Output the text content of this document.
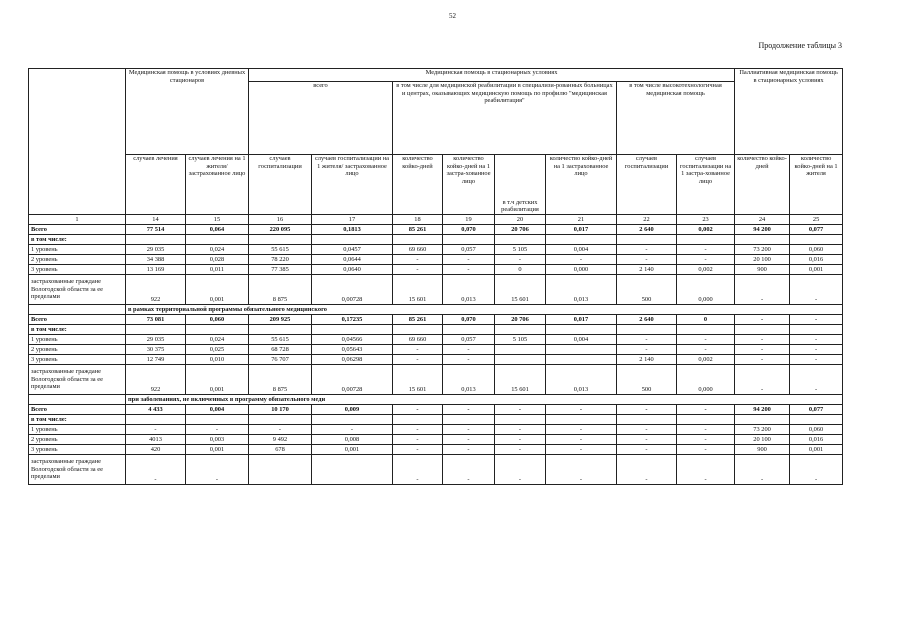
52
Продолжение таблицы 3
	Медицинская помощь в условиях дневных стационаров		Медицинская помощь в стационарных условиях								Паллиативная медицинская помощь в стационарных условиях	
			всего		в том числе для медицинской реабилитации в специализи-рованных больницах и центрах, оказывающих медицинскую помощь по профилю "медицинская реабилитация"				в том числе высокотехнологичная медицинская помощь			
	случаев лечения	случаев лечения на 1 жителя/ застрахованное лицо	случаев госпитализации	случаев госпитализации на 1 жителя/ застрахованное лицо	количество койко-дней	количество койко-дней на 1 застра-хованное лицо	в т.ч детских реабилитация	количество койко-дней на 1 застрахованное лицо	случаев госпитализации	случаев госпитализации на 1 застра-хованное лицо	количество койко-дней	количество койко-дней на 1 жителя
1	14	15	16	17	18	19	20	21	22	23	24	25
Всего	77 514	0,064	220 095	0,1813	85 261	0,070	20 706	0,017	2 640	0,002	94 200	0,077
в том числе:												
1 уровень	29 035	0,024	55 615	0,0457	69 660	0,057	5 105	0,004	-	-	73 200	0,060
2 уровень	34 388	0,028	78 220	0,0644	-	-	-	-	-	-	20 100	0,016
3 уровень	13 169	0,011	77 385	0,0640	-	-	0	0,000	2 140	0,002	900	0,001
застрахованные граждане Вологодской области за ее пределами	922	0,001	8 875	0,00728	15 601	0,013	15 601	0,013	500	0,000	-	-
	в рамках территориальной программы обязательного медицинского											
Всего	73 081	0,060	209 925	0,17235	85 261	0,070	20 706	0,017	2 640	0	-	-
в том числе:												
1 уровень	29 035	0,024	55 615	0,04566	69 660	0,057	5 105	0,004	-	-	-	-
2 уровень	30 375	0,025	68 728	0,05643	-	-			-	-	-	-
3 уровень	12 749	0,010	76 707	0,06298	-	-			2 140	0,002	-	-
застрахованные граждане Вологодской области за ее пределами	922	0,001	8 875	0,00728	15 601	0,013	15 601	0,013	500	0,000	-	-
	при заболеваниях, не включенных в программу обязательного меди											
Всего	4 433	0,004	10 170	0,009	-	-	-	-	-	-	94 200	0,077
в том числе:												
1 уровень	-	-	-	-	-	-	-	-	-	-	73 200	0,060
2 уровень	4013	0,003	9 492	0,008	-	-	-	-	-	-	20 100	0,016
3 уровень	420	0,001	678	0,001	-	-	-	-	-	-	900	0,001
застрахованные граждане Вологодской области за ее пределами	-	-			-	-	-	-	-	-	-	-
